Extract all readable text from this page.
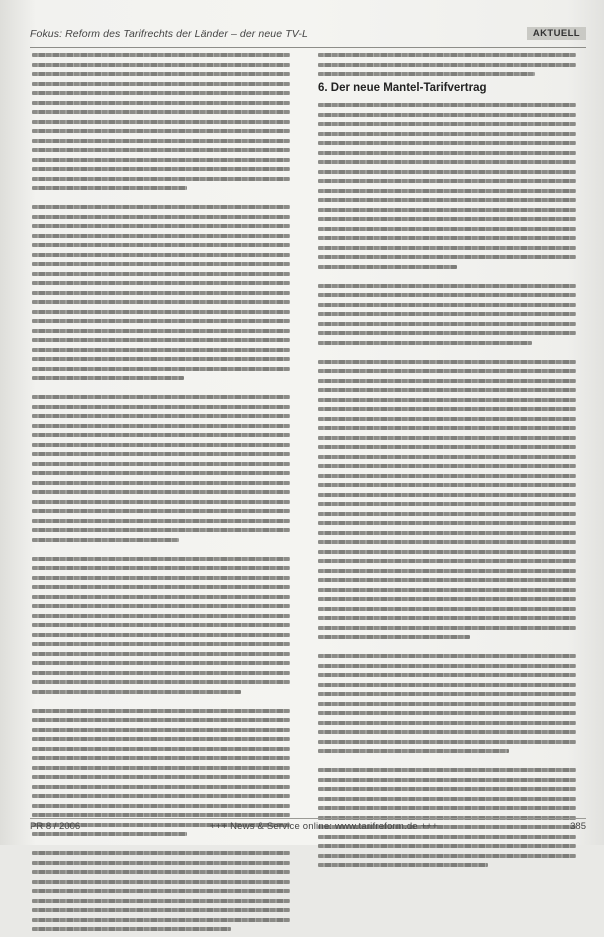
Fokus: Reform des Tarifrechts der Länder – der neue TV-L	AKTUELL
6. Der neue Mantel-Tarifvertrag
PR 8 / 2006	+++ News & Service online: www.tarifreform.de +++	385
